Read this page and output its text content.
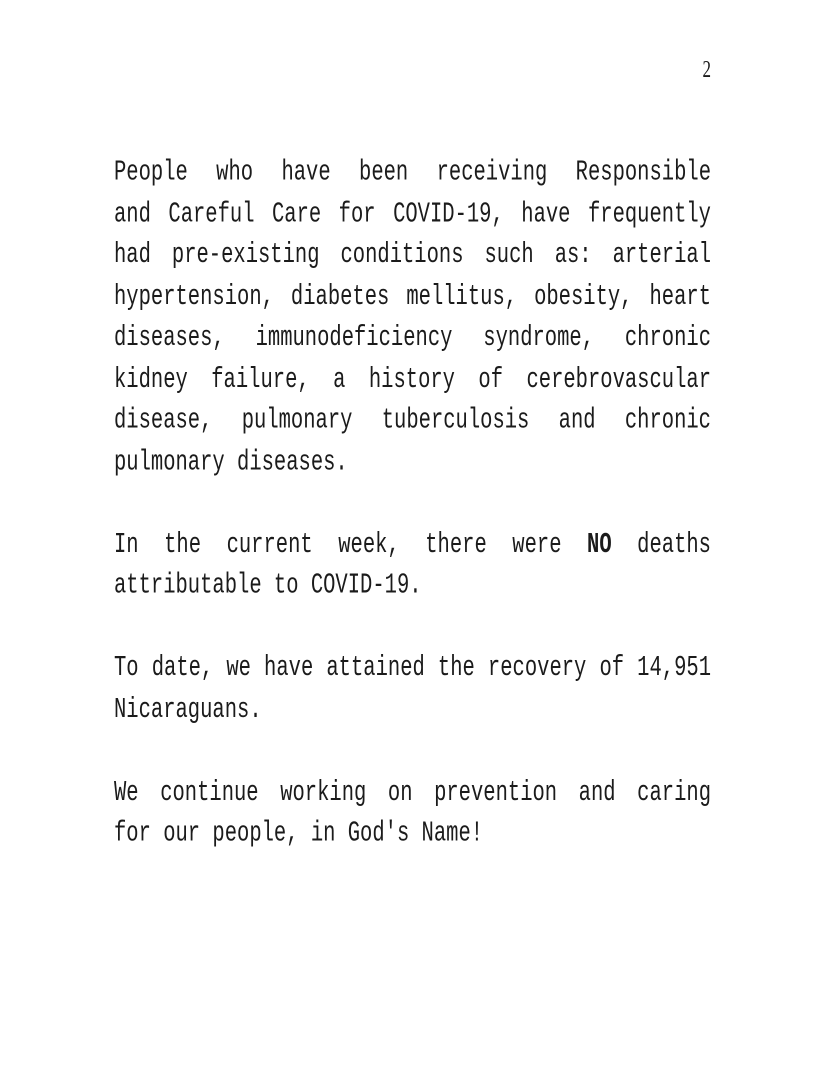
2
People who have been receiving Responsible
and Careful Care for COVID-19, have frequently
had pre-existing conditions such as: arterial
hypertension, diabetes mellitus, obesity, heart
diseases, immunodeficiency syndrome, chronic
kidney failure, a history of cerebrovascular
disease, pulmonary tuberculosis and chronic
pulmonary diseases.
In the current week, there were NO deaths
attributable to COVID-19.
To date, we have attained the recovery of 14,951
Nicaraguans.
We continue working on prevention and caring
for our people, in God's Name!
